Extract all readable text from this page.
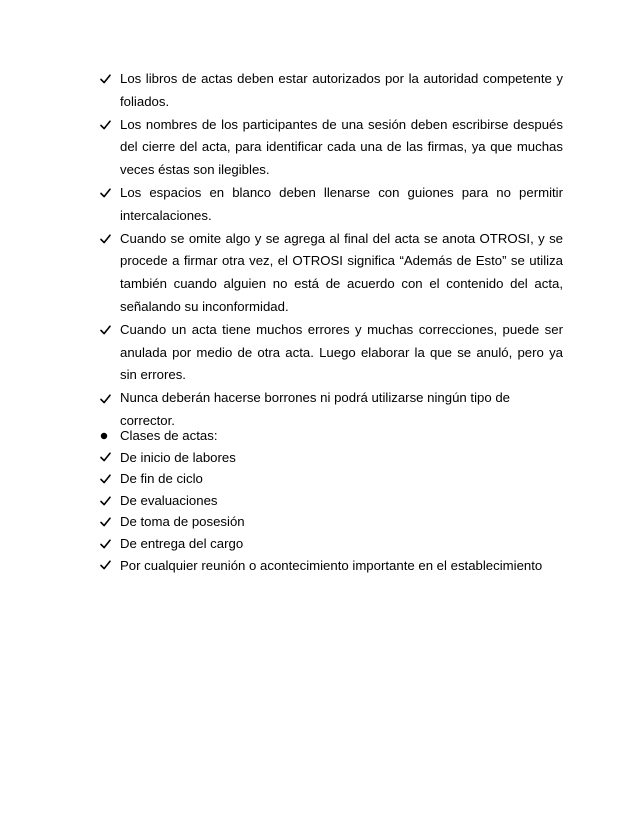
Los libros de actas deben estar autorizados por la autoridad competente y foliados.
Los nombres de los participantes de una sesión deben escribirse después del cierre del acta, para identificar cada una de las firmas, ya que muchas veces éstas son ilegibles.
Los espacios en blanco deben llenarse con guiones para no permitir intercalaciones.
Cuando se omite algo y se agrega al final del acta se anota OTROSI, y se procede a firmar otra vez, el OTROSI significa “Además de Esto” se utiliza también cuando alguien no está de acuerdo con el contenido del acta, señalando su inconformidad.
Cuando un acta tiene muchos errores y muchas correcciones, puede ser anulada por medio de otra acta. Luego elaborar la que se anuló, pero ya sin errores.
Nunca deberán hacerse borrones ni podrá utilizarse ningún tipo de corrector.
Clases de actas:
De inicio de labores
De fin de ciclo
De evaluaciones
De toma de posesión
De entrega del cargo
Por cualquier reunión o acontecimiento importante en el establecimiento
